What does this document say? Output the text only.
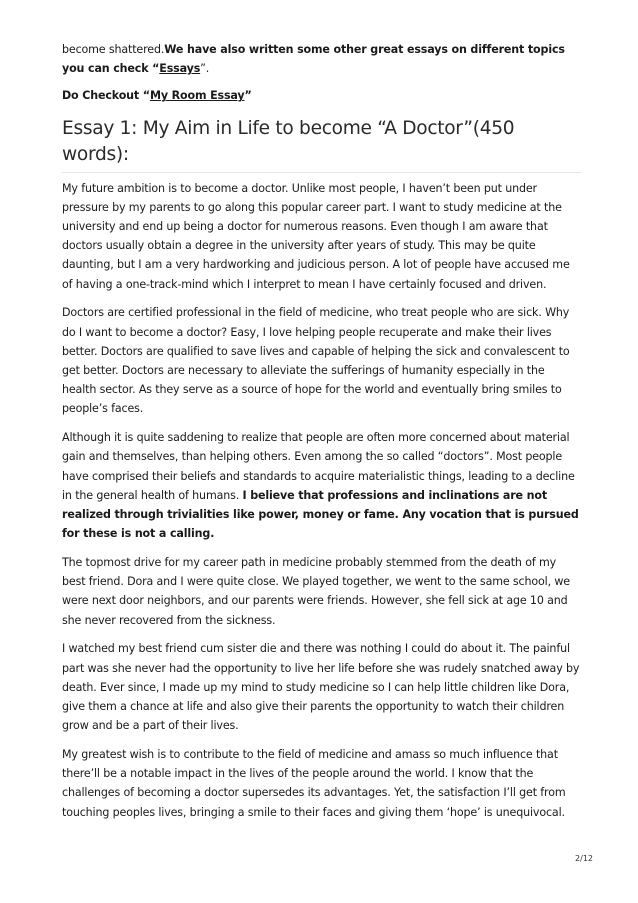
become shattered.We have also written some other great essays on different topics you can check “Essays”.

Do Checkout “My Room Essay”

Essay 1: My Aim in Life to become “A Doctor”(450 words):

My future ambition is to become a doctor. Unlike most people, I haven’t been put under pressure by my parents to go along this popular career part. I want to study medicine at the university and end up being a doctor for numerous reasons. Even though I am aware that doctors usually obtain a degree in the university after years of study. This may be quite daunting, but I am a very hardworking and judicious person. A lot of people have accused me of having a one-track-mind which I interpret to mean I have certainly focused and driven.

Doctors are certified professional in the field of medicine, who treat people who are sick. Why do I want to become a doctor? Easy, I love helping people recuperate and make their lives better. Doctors are qualified to save lives and capable of helping the sick and convalescent to get better. Doctors are necessary to alleviate the sufferings of humanity especially in the health sector. As they serve as a source of hope for the world and eventually bring smiles to people’s faces.

Although it is quite saddening to realize that people are often more concerned about material gain and themselves, than helping others. Even among the so called “doctors”. Most people have comprised their beliefs and standards to acquire materialistic things, leading to a decline in the general health of humans. I believe that professions and inclinations are not realized through trivialities like power, money or fame. Any vocation that is pursued for these is not a calling.

The topmost drive for my career path in medicine probably stemmed from the death of my best friend. Dora and I were quite close. We played together, we went to the same school, we were next door neighbors, and our parents were friends. However, she fell sick at age 10 and she never recovered from the sickness.

I watched my best friend cum sister die and there was nothing I could do about it. The painful part was she never had the opportunity to live her life before she was rudely snatched away by death. Ever since, I made up my mind to study medicine so I can help little children like Dora, give them a chance at life and also give their parents the opportunity to watch their children grow and be a part of their lives.

My greatest wish is to contribute to the field of medicine and amass so much influence that there’ll be a notable impact in the lives of the people around the world. I know that the challenges of becoming a doctor supersedes its advantages. Yet, the satisfaction I’ll get from touching peoples lives, bringing a smile to their faces and giving them ‘hope’ is unequivocal.

2/12
